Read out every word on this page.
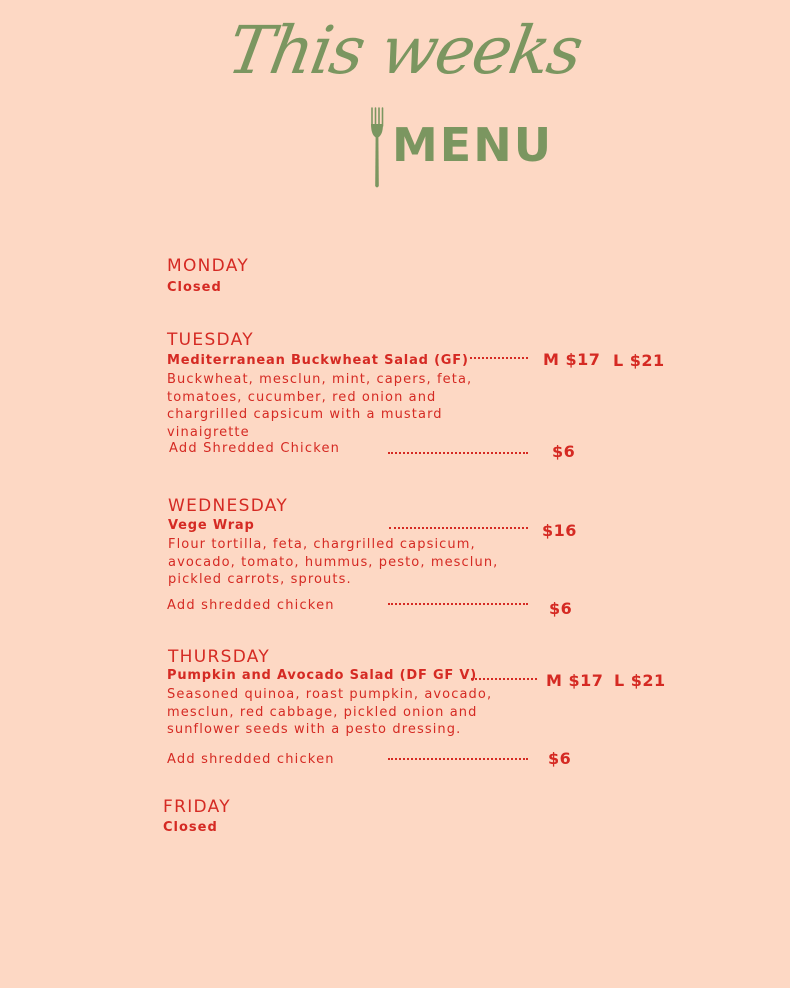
This weeks
MENU
MONDAY
Closed
TUESDAY
Mediterranean Buckwheat Salad (GF)	M $17 L $21
Buckwheat, mesclun, mint, capers, feta, tomatoes, cucumber, red onion and chargrilled capsicum with a mustard vinaigrette
Add Shredded Chicken	$6
WEDNESDAY
Vege Wrap	$16
Flour tortilla, feta, chargrilled capsicum, avocado, tomato, hummus, pesto, mesclun, pickled carrots, sprouts.
Add shredded chicken	$6
THURSDAY
Pumpkin and Avocado Salad (DF GF V)	M $17 L $21
Seasoned quinoa, roast pumpkin, avocado, mesclun, red cabbage, pickled onion and sunflower seeds with a pesto dressing.
Add shredded chicken	$6
FRIDAY
Closed
